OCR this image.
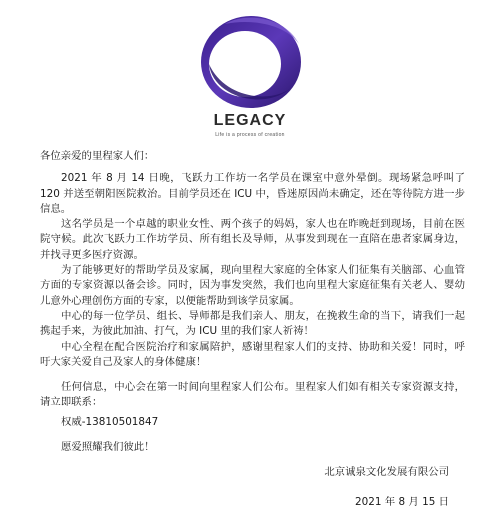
LEGACY
Life is a process of creation

各位亲爱的里程家人们：

2021 年 8 月 14 日晚，飞跃力工作坊一名学员在课室中意外晕倒。现场紧急呼叫了 120 并送至朝阳医院救治。目前学员还在 ICU 中，昏迷原因尚未确定，还在等待院方进一步信息。

这名学员是一个卓越的职业女性、两个孩子的妈妈，家人也在昨晚赶到现场，目前在医院守候。此次飞跃力工作坊学员、所有组长及导师，从事发到现在一直陪在患者家属身边，并找寻更多医疗资源。

为了能够更好的帮助学员及家属，现向里程大家庭的全体家人们征集有关脑部、心血管方面的专家资源以备会诊。同时，因为事发突然，我们也向里程大家庭征集有关老人、婴幼儿意外心理创伤方面的专家，以便能帮助到该学员家属。

中心的每一位学员、组长、导师都是我们亲人、朋友，在挽救生命的当下，请我们一起携起手来，为彼此加油、打气，为 ICU 里的我们家人祈祷！

中心全程在配合医院治疗和家属陪护，感谢里程家人们的支持、协助和关爱！同时，呼吁大家关爱自己及家人的身体健康！

任何信息，中心会在第一时间向里程家人们公布。里程家人们如有相关专家资源支持，请立即联系：

权威-13810501847

愿爱照耀我们彼此！

北京诚泉文化发展有限公司
2021 年 8 月 15 日
